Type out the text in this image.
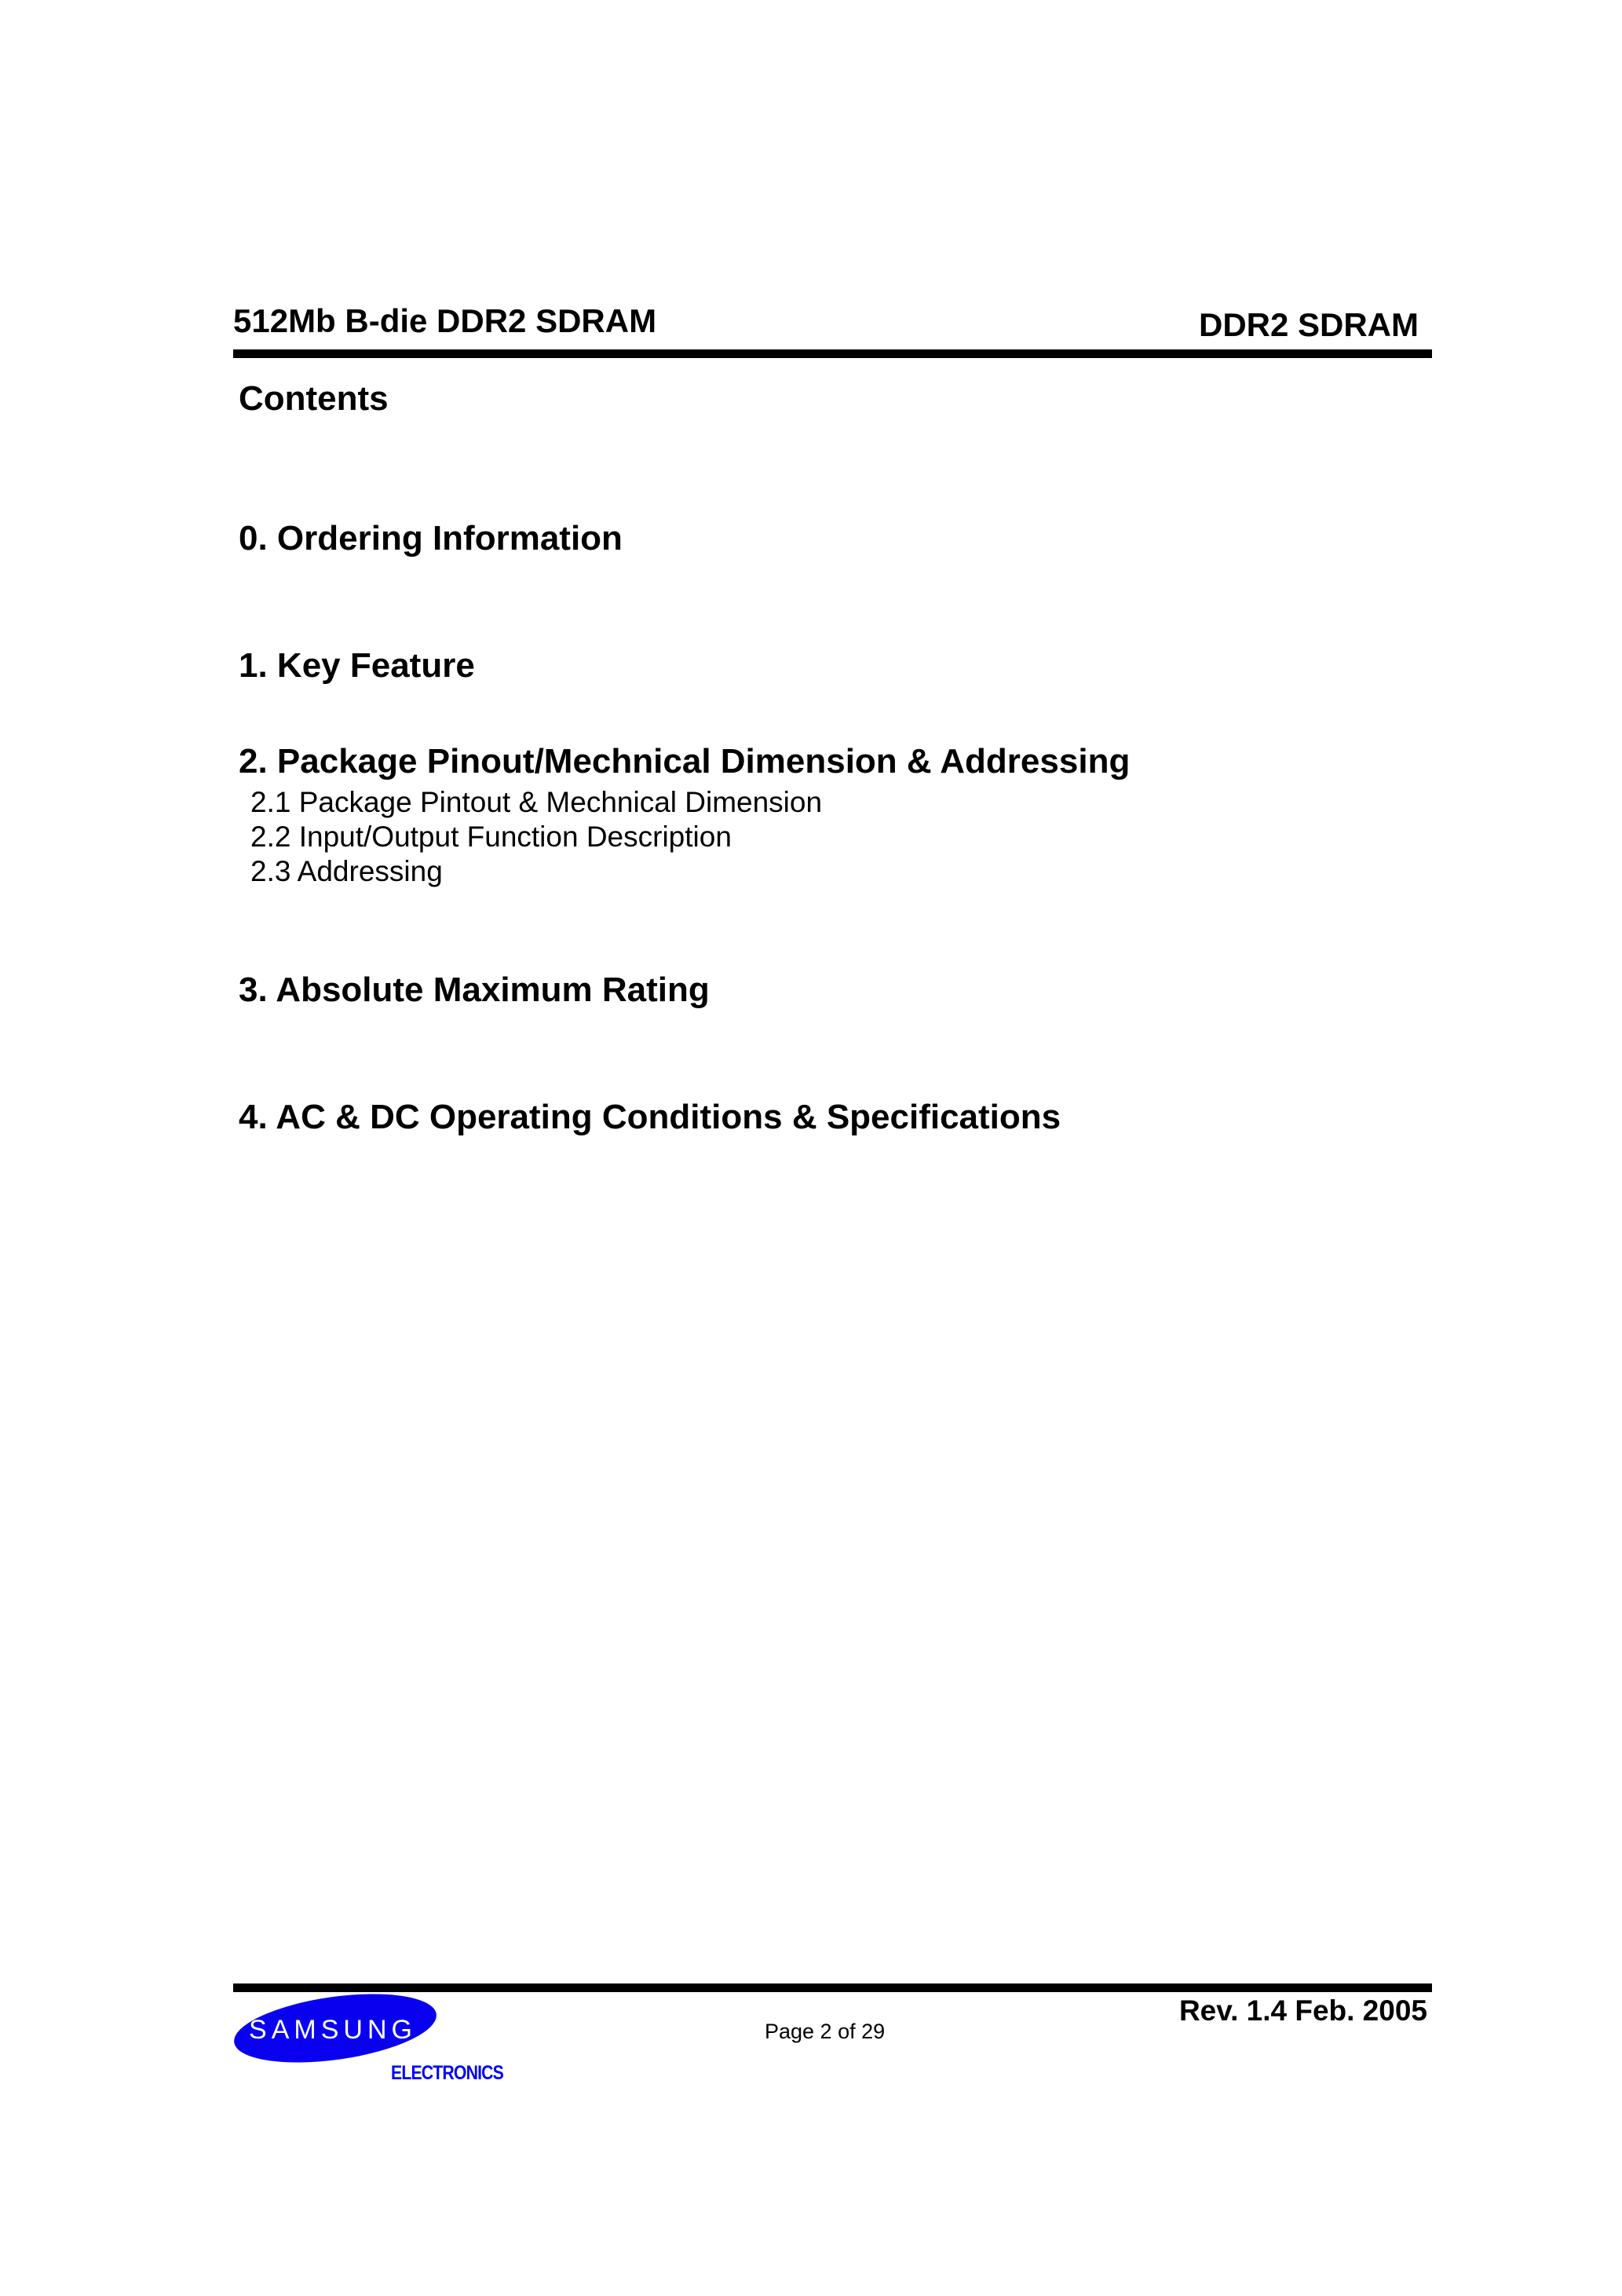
512Mb B-die DDR2 SDRAM	DDR2 SDRAM
Contents
0. Ordering Information
1. Key Feature
2. Package Pinout/Mechnical Dimension & Addressing
2.1 Package Pintout & Mechnical Dimension
2.2 Input/Output Function Description
2.3 Addressing
3. Absolute Maximum Rating
4. AC & DC Operating Conditions & Specifications
SAMSUNG
ELECTRONICS
Page 2 of 29
Rev. 1.4 Feb. 2005
